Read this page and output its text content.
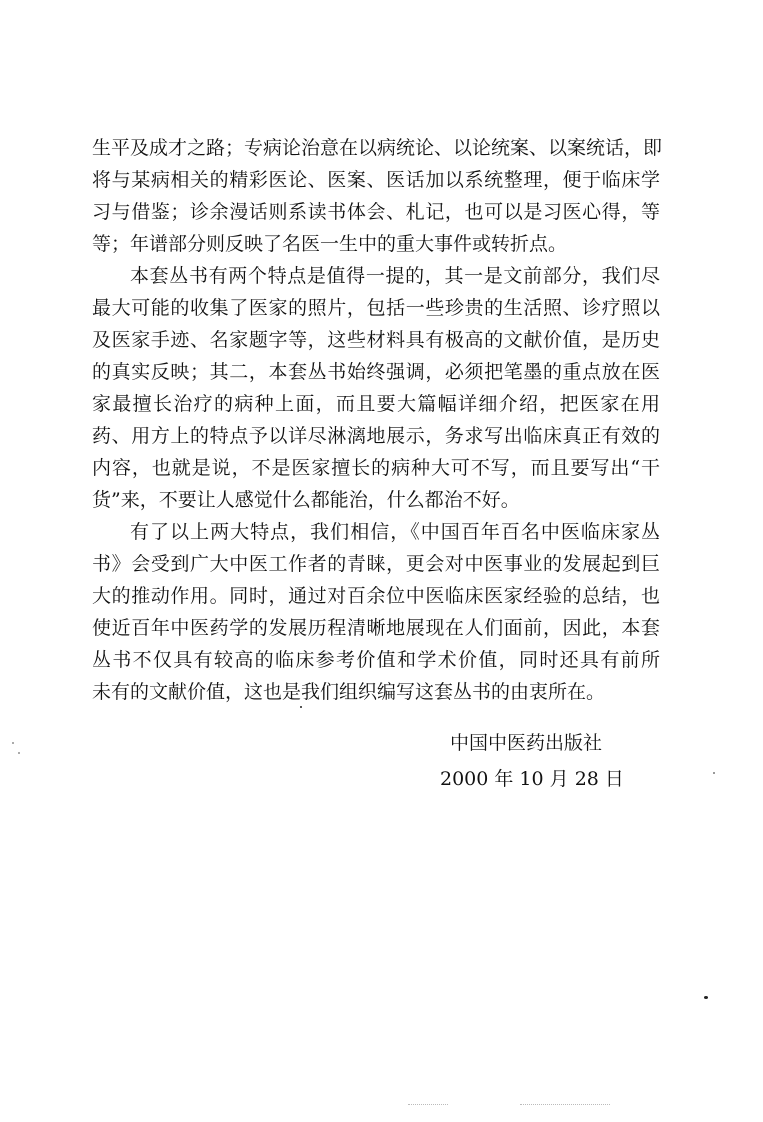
生平及成才之路；专病论治意在以病统论、以论统案、以案统话，即
将与某病相关的精彩医论、医案、医话加以系统整理，便于临床学
习与借鉴；诊余漫话则系读书体会、札记，也可以是习医心得，等
等；年谱部分则反映了名医一生中的重大事件或转折点。
本套丛书有两个特点是值得一提的，其一是文前部分，我们尽
最大可能的收集了医家的照片，包括一些珍贵的生活照、诊疗照以
及医家手迹、名家题字等，这些材料具有极高的文献价值，是历史
的真实反映；其二，本套丛书始终强调，必须把笔墨的重点放在医
家最擅长治疗的病种上面，而且要大篇幅详细介绍，把医家在用
药、用方上的特点予以详尽淋漓地展示，务求写出临床真正有效的
内容，也就是说，不是医家擅长的病种大可不写，而且要写出“干
货”来，不要让人感觉什么都能治，什么都治不好。
有了以上两大特点，我们相信，《中国百年百名中医临床家丛
书》会受到广大中医工作者的青睐，更会对中医事业的发展起到巨
大的推动作用。同时，通过对百余位中医临床医家经验的总结，也
使近百年中医药学的发展历程清晰地展现在人们面前，因此，本套
丛书不仅具有较高的临床参考价值和学术价值，同时还具有前所
未有的文献价值，这也是我们组织编写这套丛书的由衷所在。
中国中医药出版社
2000 年 10 月 28 日
